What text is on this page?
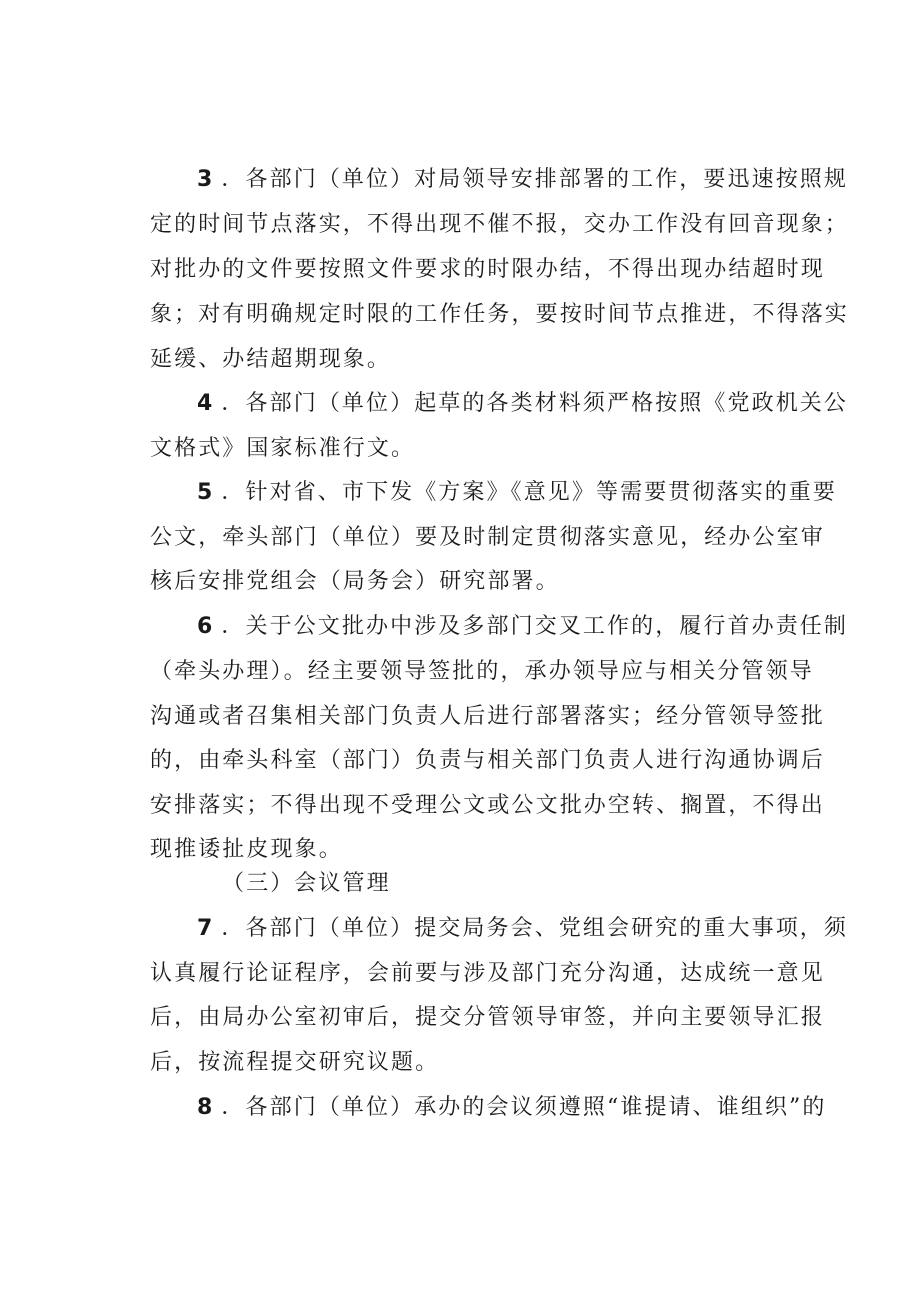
3 ．各部门（单位）对局领导安排部署的工作，要迅速按照规
定的时间节点落实，不得出现不催不报，交办工作没有回音现象；
对批办的文件要按照文件要求的时限办结，不得出现办结超时现
象；对有明确规定时限的工作任务，要按时间节点推进，不得落实
延缓、办结超期现象。
4 ．各部门（单位）起草的各类材料须严格按照《党政机关公
文格式》国家标准行文。
5 ．针对省、市下发《方案》《意见》等需要贯彻落实的重要
公文，牵头部门（单位）要及时制定贯彻落实意见，经办公室审
核后安排党组会（局务会）研究部署。
6 ．关于公文批办中涉及多部门交叉工作的，履行首办责任制
（牵头办理）。经主要领导签批的，承办领导应与相关分管领导
沟通或者召集相关部门负责人后进行部署落实；经分管领导签批
的，由牵头科室（部门）负责与相关部门负责人进行沟通协调后
安排落实；不得出现不受理公文或公文批办空转、搁置，不得出
现推诿扯皮现象。
（三）会议管理
7 ．各部门（单位）提交局务会、党组会研究的重大事项，须
认真履行论证程序，会前要与涉及部门充分沟通，达成统一意见
后，由局办公室初审后，提交分管领导审签，并向主要领导汇报
后，按流程提交研究议题。
8 ．各部门（单位）承办的会议须遵照“谁提请、谁组织”的
